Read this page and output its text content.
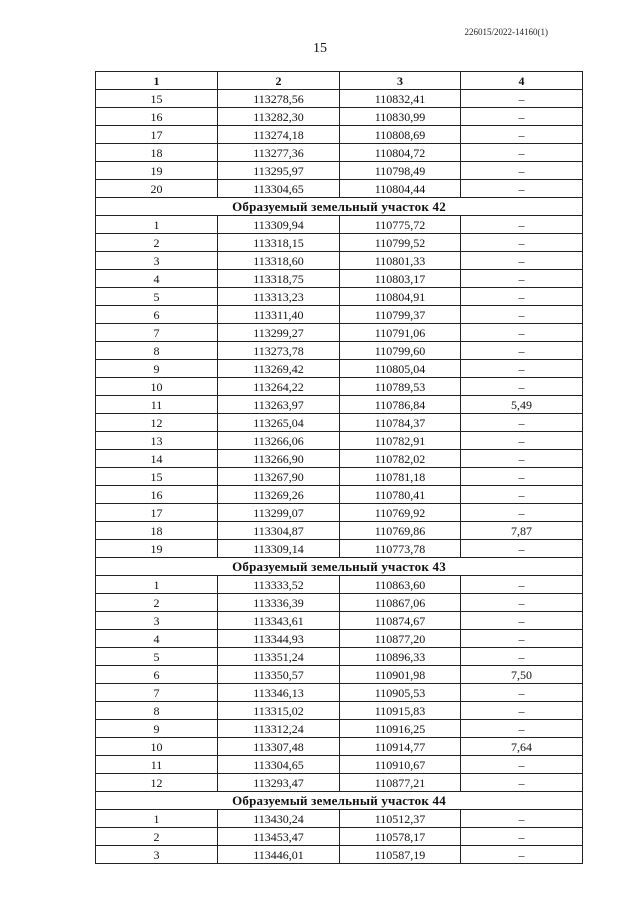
226015/2022-14160(1)
15
1	2	3	4
15	113278,56	110832,41	–
16	113282,30	110830,99	–
17	113274,18	110808,69	–
18	113277,36	110804,72	–
19	113295,97	110798,49	–
20	113304,65	110804,44	–
Образуемый земельный участок 42			
1	113309,94	110775,72	–
2	113318,15	110799,52	–
3	113318,60	110801,33	–
4	113318,75	110803,17	–
5	113313,23	110804,91	–
6	113311,40	110799,37	–
7	113299,27	110791,06	–
8	113273,78	110799,60	–
9	113269,42	110805,04	–
10	113264,22	110789,53	–
11	113263,97	110786,84	5,49
12	113265,04	110784,37	–
13	113266,06	110782,91	–
14	113266,90	110782,02	–
15	113267,90	110781,18	–
16	113269,26	110780,41	–
17	113299,07	110769,92	–
18	113304,87	110769,86	7,87
19	113309,14	110773,78	–
Образуемый земельный участок 43			
1	113333,52	110863,60	–
2	113336,39	110867,06	–
3	113343,61	110874,67	–
4	113344,93	110877,20	–
5	113351,24	110896,33	–
6	113350,57	110901,98	7,50
7	113346,13	110905,53	–
8	113315,02	110915,83	–
9	113312,24	110916,25	–
10	113307,48	110914,77	7,64
11	113304,65	110910,67	–
12	113293,47	110877,21	–
Образуемый земельный участок 44			
1	113430,24	110512,37	–
2	113453,47	110578,17	–
3	113446,01	110587,19	–
